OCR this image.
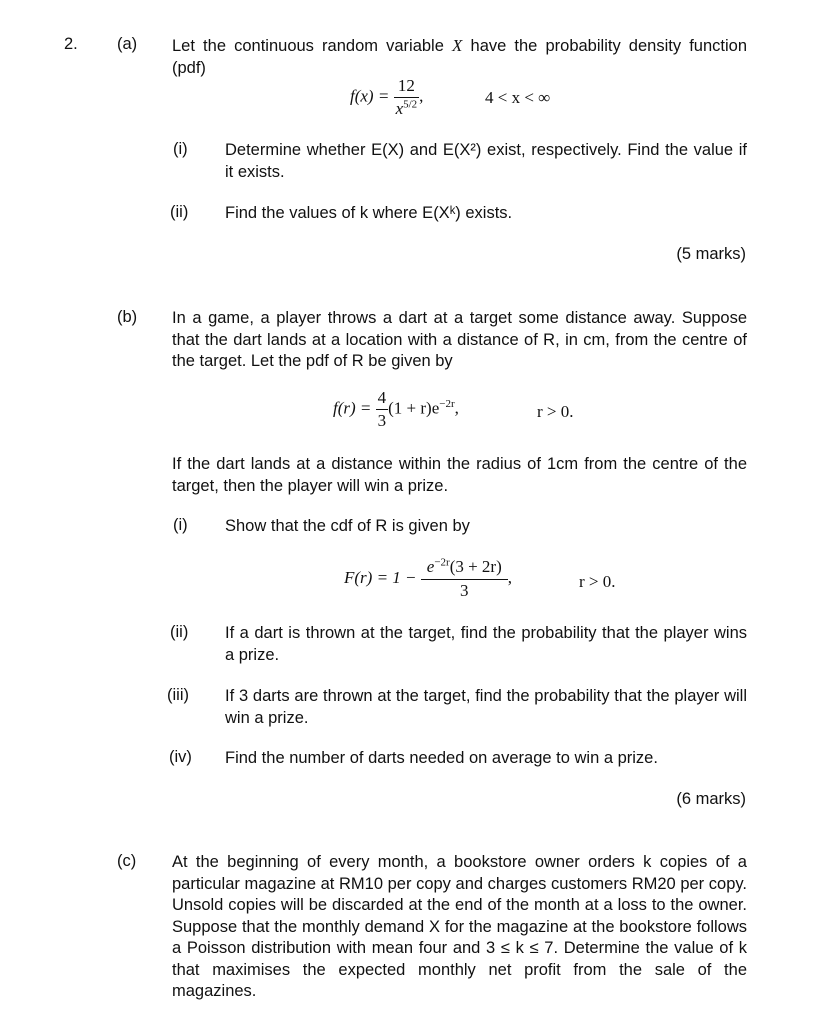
2. (a) Let the continuous random variable X have the probability density function (pdf)
$f(x) = \frac{12}{x^{5/2}}$ ,	4 < x < ∞
(i) Determine whether E(X) and E(X²) exist, respectively. Find the value if it exists.
(ii) Find the values of k where E(Xᵏ) exists.
(5 marks)
(b) In a game, a player throws a dart at a target some distance away. Suppose that the dart lands at a location with a distance of R, in cm, from the centre of the target. Let the pdf of R be given by
$f(r) = \frac{4}{3} (1 + r)e^{-2r}$,	r > 0.
If the dart lands at a distance within the radius of 1cm from the centre of the target, then the player will win a prize.
(i) Show that the cdf of R is given by
$F(r) = 1 - \frac{e^{-2r}(3 + 2r)}{3}$ ,	r > 0.
(ii) If a dart is thrown at the target, find the probability that the player wins a prize.
(iii) If 3 darts are thrown at the target, find the probability that the player will win a prize.
(iv) Find the number of darts needed on average to win a prize.
(6 marks)
(c) At the beginning of every month, a bookstore owner orders k copies of a particular magazine at RM10 per copy and charges customers RM20 per copy. Unsold copies will be discarded at the end of the month at a loss to the owner. Suppose that the monthly demand X for the magazine at the bookstore follows a Poisson distribution with mean four and 3 ≤ k ≤ 7. Determine the value of k that maximises the expected monthly net profit from the sale of the magazines.
